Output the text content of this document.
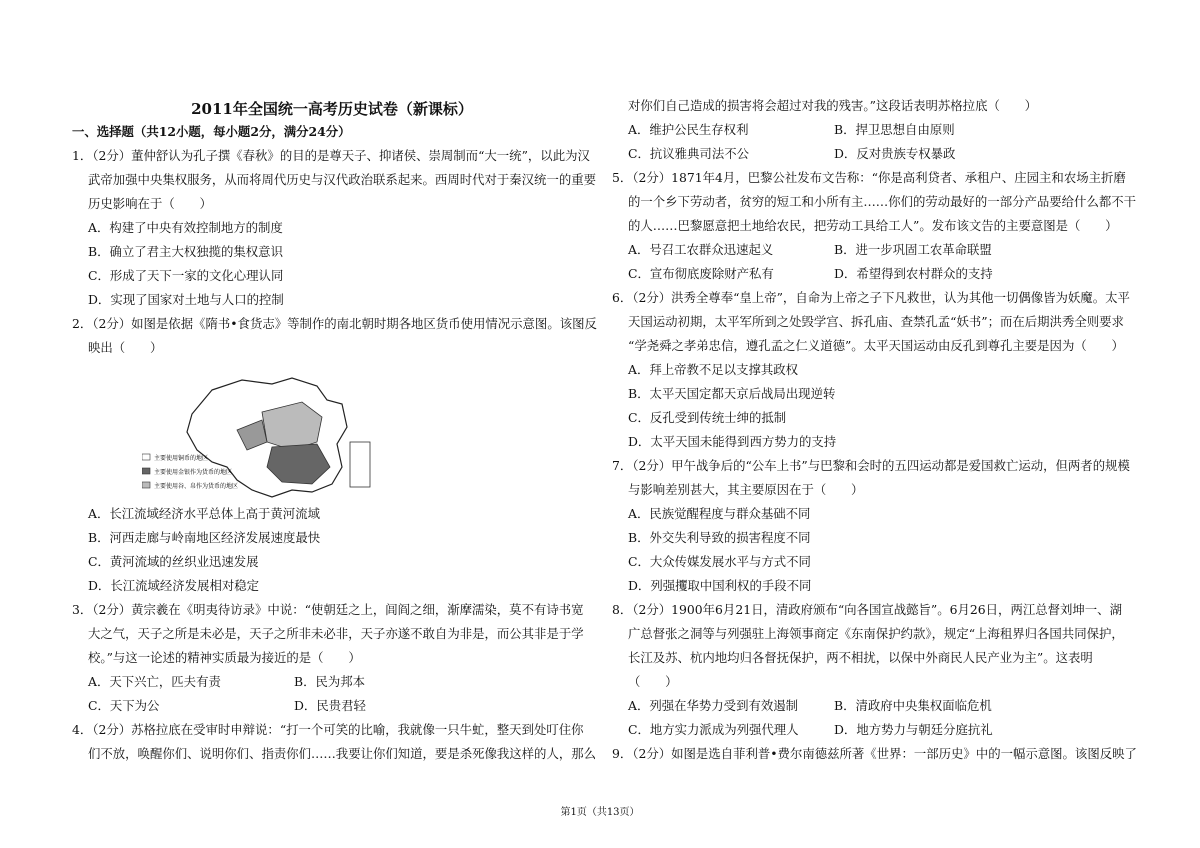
2011年全国统一高考历史试卷（新课标）
一、选择题（共12小题，每小题2分，满分24分）
1．（2分）董仲舒认为孔子撰《春秋》的目的是尊天子、抑诸侯、崇周制而“大一统”，以此为汉
武帝加强中央集权服务，从而将周代历史与汉代政治联系起来。西周时代对于秦汉统一的重要
历史影响在于（　　）
A．构建了中央有效控制地方的制度
B．确立了君主大权独揽的集权意识
C．形成了天下一家的文化心理认同
D．实现了国家对土地与人口的控制
2．（2分）如图是依据《隋书•食货志》等制作的南北朝时期各地区货币使用情况示意图。该图反
映出（　　）
主要使用铜币的地区
主要使用金银作为货币的地区
主要使用谷、帛作为货币的地区
A．长江流域经济水平总体上高于黄河流域
B．河西走廊与岭南地区经济发展速度最快
C．黄河流域的丝织业迅速发展
D．长江流域经济发展相对稳定
3．（2分）黄宗羲在《明夷待访录》中说：“使朝廷之上，闾阎之细，渐摩濡染，莫不有诗书宽
大之气，天子之所是未必是，天子之所非未必非，天子亦遂不敢自为非是，而公其非是于学
校。”与这一论述的精神实质最为接近的是（　　）
A．天下兴亡，匹夫有责	B．民为邦本
C．天下为公	D．民贵君轻
4．（2分）苏格拉底在受审时申辩说：“打一个可笑的比喻，我就像一只牛虻，整天到处叮住你
们不放，唤醒你们、说明你们、指责你们……我要让你们知道，要是杀死像我这样的人，那么
对你们自己造成的损害将会超过对我的残害。”这段话表明苏格拉底（　　）
A．维护公民生存权利	B．捍卫思想自由原则
C．抗议雅典司法不公	D．反对贵族专权暴政
5．（2分）1871年4月，巴黎公社发布文告称：“你是高利贷者、承租户、庄园主和农场主折磨
的一个乡下劳动者，贫穷的短工和小所有主……你们的劳动最好的一部分产品要给什么都不干
的人……巴黎愿意把土地给农民，把劳动工具给工人”。发布该文告的主要意图是（　　）
A．号召工农群众迅速起义	B．进一步巩固工农革命联盟
C．宣布彻底废除财产私有	D．希望得到农村群众的支持
6．（2分）洪秀全尊奉“皇上帝”，自命为上帝之子下凡救世，认为其他一切偶像皆为妖魔。太平
天国运动初期，太平军所到之处毁学宫、拆孔庙、查禁孔孟“妖书”；而在后期洪秀全则要求
“学尧舜之孝弟忠信，遵孔孟之仁义道德”。太平天国运动由反孔到尊孔主要是因为（　　）
A．拜上帝教不足以支撑其政权
B．太平天国定都天京后战局出现逆转
C．反孔受到传统士绅的抵制
D．太平天国未能得到西方势力的支持
7．（2分）甲午战争后的“公车上书”与巴黎和会时的五四运动都是爱国救亡运动，但两者的规模
与影响差别甚大，其主要原因在于（　　）
A．民族觉醒程度与群众基础不同
B．外交失利导致的损害程度不同
C．大众传媒发展水平与方式不同
D．列强攫取中国利权的手段不同
8．（2分）1900年6月21日，清政府颁布“向各国宣战懿旨”。6月26日，两江总督刘坤一、湖
广总督张之洞等与列强驻上海领事商定《东南保护约款》，规定“上海租界归各国共同保护，
长江及苏、杭内地均归各督抚保护，两不相扰，以保中外商民人民产业为主”。这表明
（　　）
A．列强在华势力受到有效遏制	B．清政府中央集权面临危机
C．地方实力派成为列强代理人	D．地方势力与朝廷分庭抗礼
9．（2分）如图是选自菲利普•费尔南德兹所著《世界：一部历史》中的一幅示意图。该图反映了
第1页（共13页）
